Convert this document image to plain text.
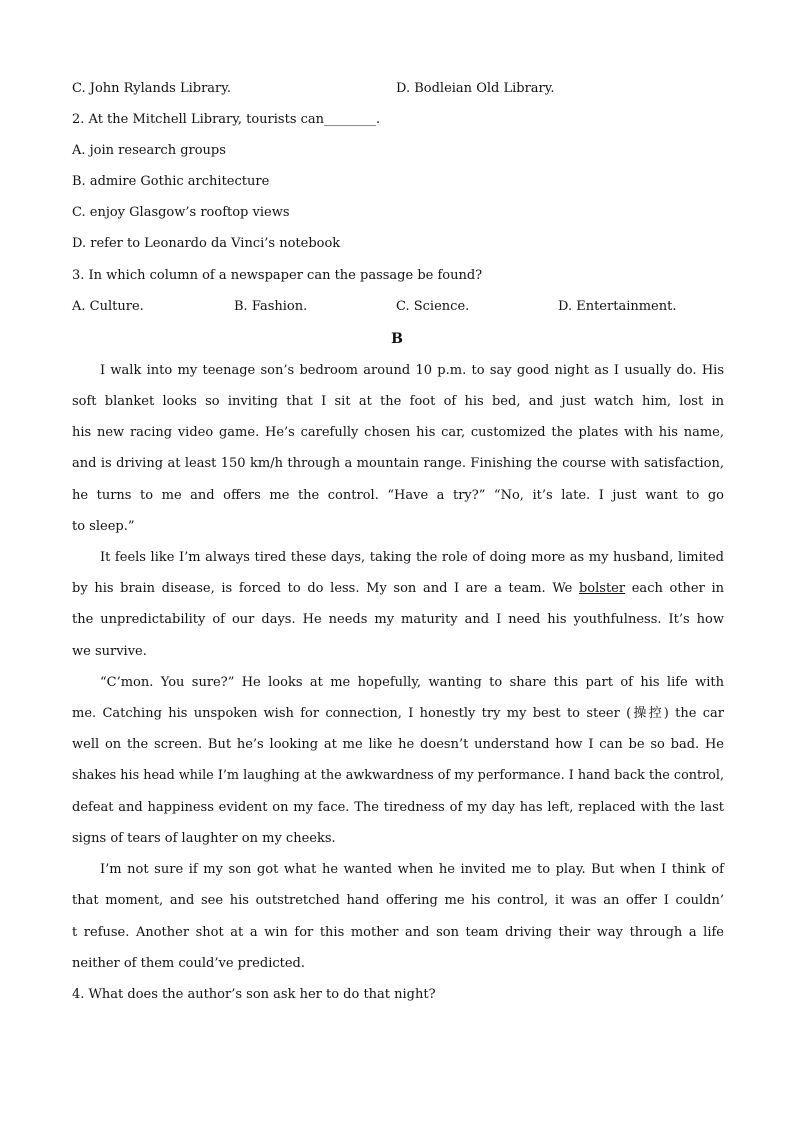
C. John Rylands Library.	D. Bodleian Old Library.
2. At the Mitchell Library, tourists can________.
A. join research groups
B. admire Gothic architecture
C. enjoy Glasgow’s rooftop views
D. refer to Leonardo da Vinci’s notebook
3. In which column of a newspaper can the passage be found?
A. Culture.	B. Fashion.	C. Science.	D. Entertainment.
B
I walk into my teenage son’s bedroom around 10 p.m. to say good night as I usually do. His
soft blanket looks so inviting that I sit at the foot of his bed, and just watch him, lost in
his new racing video game. He’s carefully chosen his car, customized the plates with his name,
and is driving at least 150 km/h through a mountain range. Finishing the course with satisfaction,
he turns to me and offers me the control. “Have a try?” “No, it’s late. I just want to go
to sleep.”
It feels like I’m always tired these days, taking the role of doing more as my husband, limited
by his brain disease, is forced to do less. My son and I are a team. We bolster each other in
the unpredictability of our days. He needs my maturity and I need his youthfulness. It’s how
we survive.
“C’mon. You sure?” He looks at me hopefully, wanting to share this part of his life with
me. Catching his unspoken wish for connection, I honestly try my best to steer (操控) the car
well on the screen. But he’s looking at me like he doesn’t understand how I can be so bad. He
shakes his head while I’m laughing at the awkwardness of my performance. I hand back the control,
defeat and happiness evident on my face. The tiredness of my day has left, replaced with the last
signs of tears of laughter on my cheeks.
I’m not sure if my son got what he wanted when he invited me to play. But when I think of
that moment, and see his outstretched hand offering me his control, it was an offer I couldn’
t refuse. Another shot at a win for this mother and son team driving their way through a life
neither of them could’ve predicted.
4. What does the author’s son ask her to do that night?
